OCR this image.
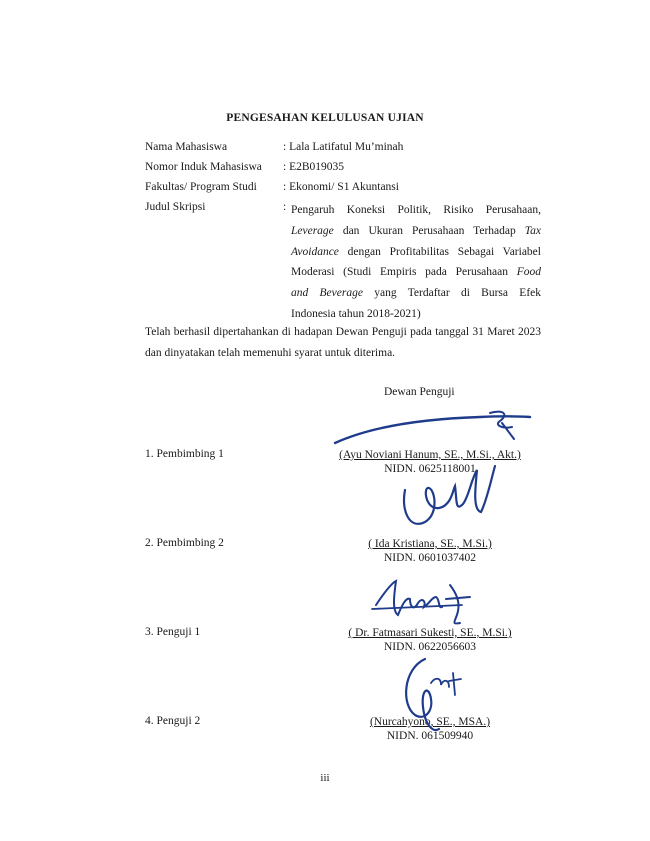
PENGESAHAN KELULUSAN UJIAN
Nama Mahasiswa	: Lala Latifatul Mu’minah
Nomor Induk Mahasiswa : E2B019035
Fakultas/ Program Studi : Ekonomi/ S1 Akuntansi
Judul Skripsi	: Pengaruh Koneksi Politik, Risiko Perusahaan,
Leverage dan Ukuran Perusahaan Terhadap Tax
Avoidance dengan Profitabilitas Sebagai Variabel
Moderasi (Studi Empiris pada Perusahaan Food
and Beverage yang Terdaftar di Bursa Efek
Indonesia tahun 2018-2021)
Telah berhasil dipertahankan di hadapan Dewan Penguji pada tanggal 31 Maret 2023 dan dinyatakan telah memenuhi syarat untuk diterima.
Dewan Penguji
1. Pembimbing 1	(Ayu Noviani Hanum, SE., M.Si., Akt.)
NIDN. 0625118001
2. Pembimbing 2	( Ida Kristiana, SE., M.Si.)
NIDN. 0601037402
3. Penguji 1	( Dr. Fatmasari Sukesti, SE., M.Si.)
NIDN. 0622056603
4. Penguji 2	(Nurcahyono, SE., MSA.)
NIDN. 061509940
iii
